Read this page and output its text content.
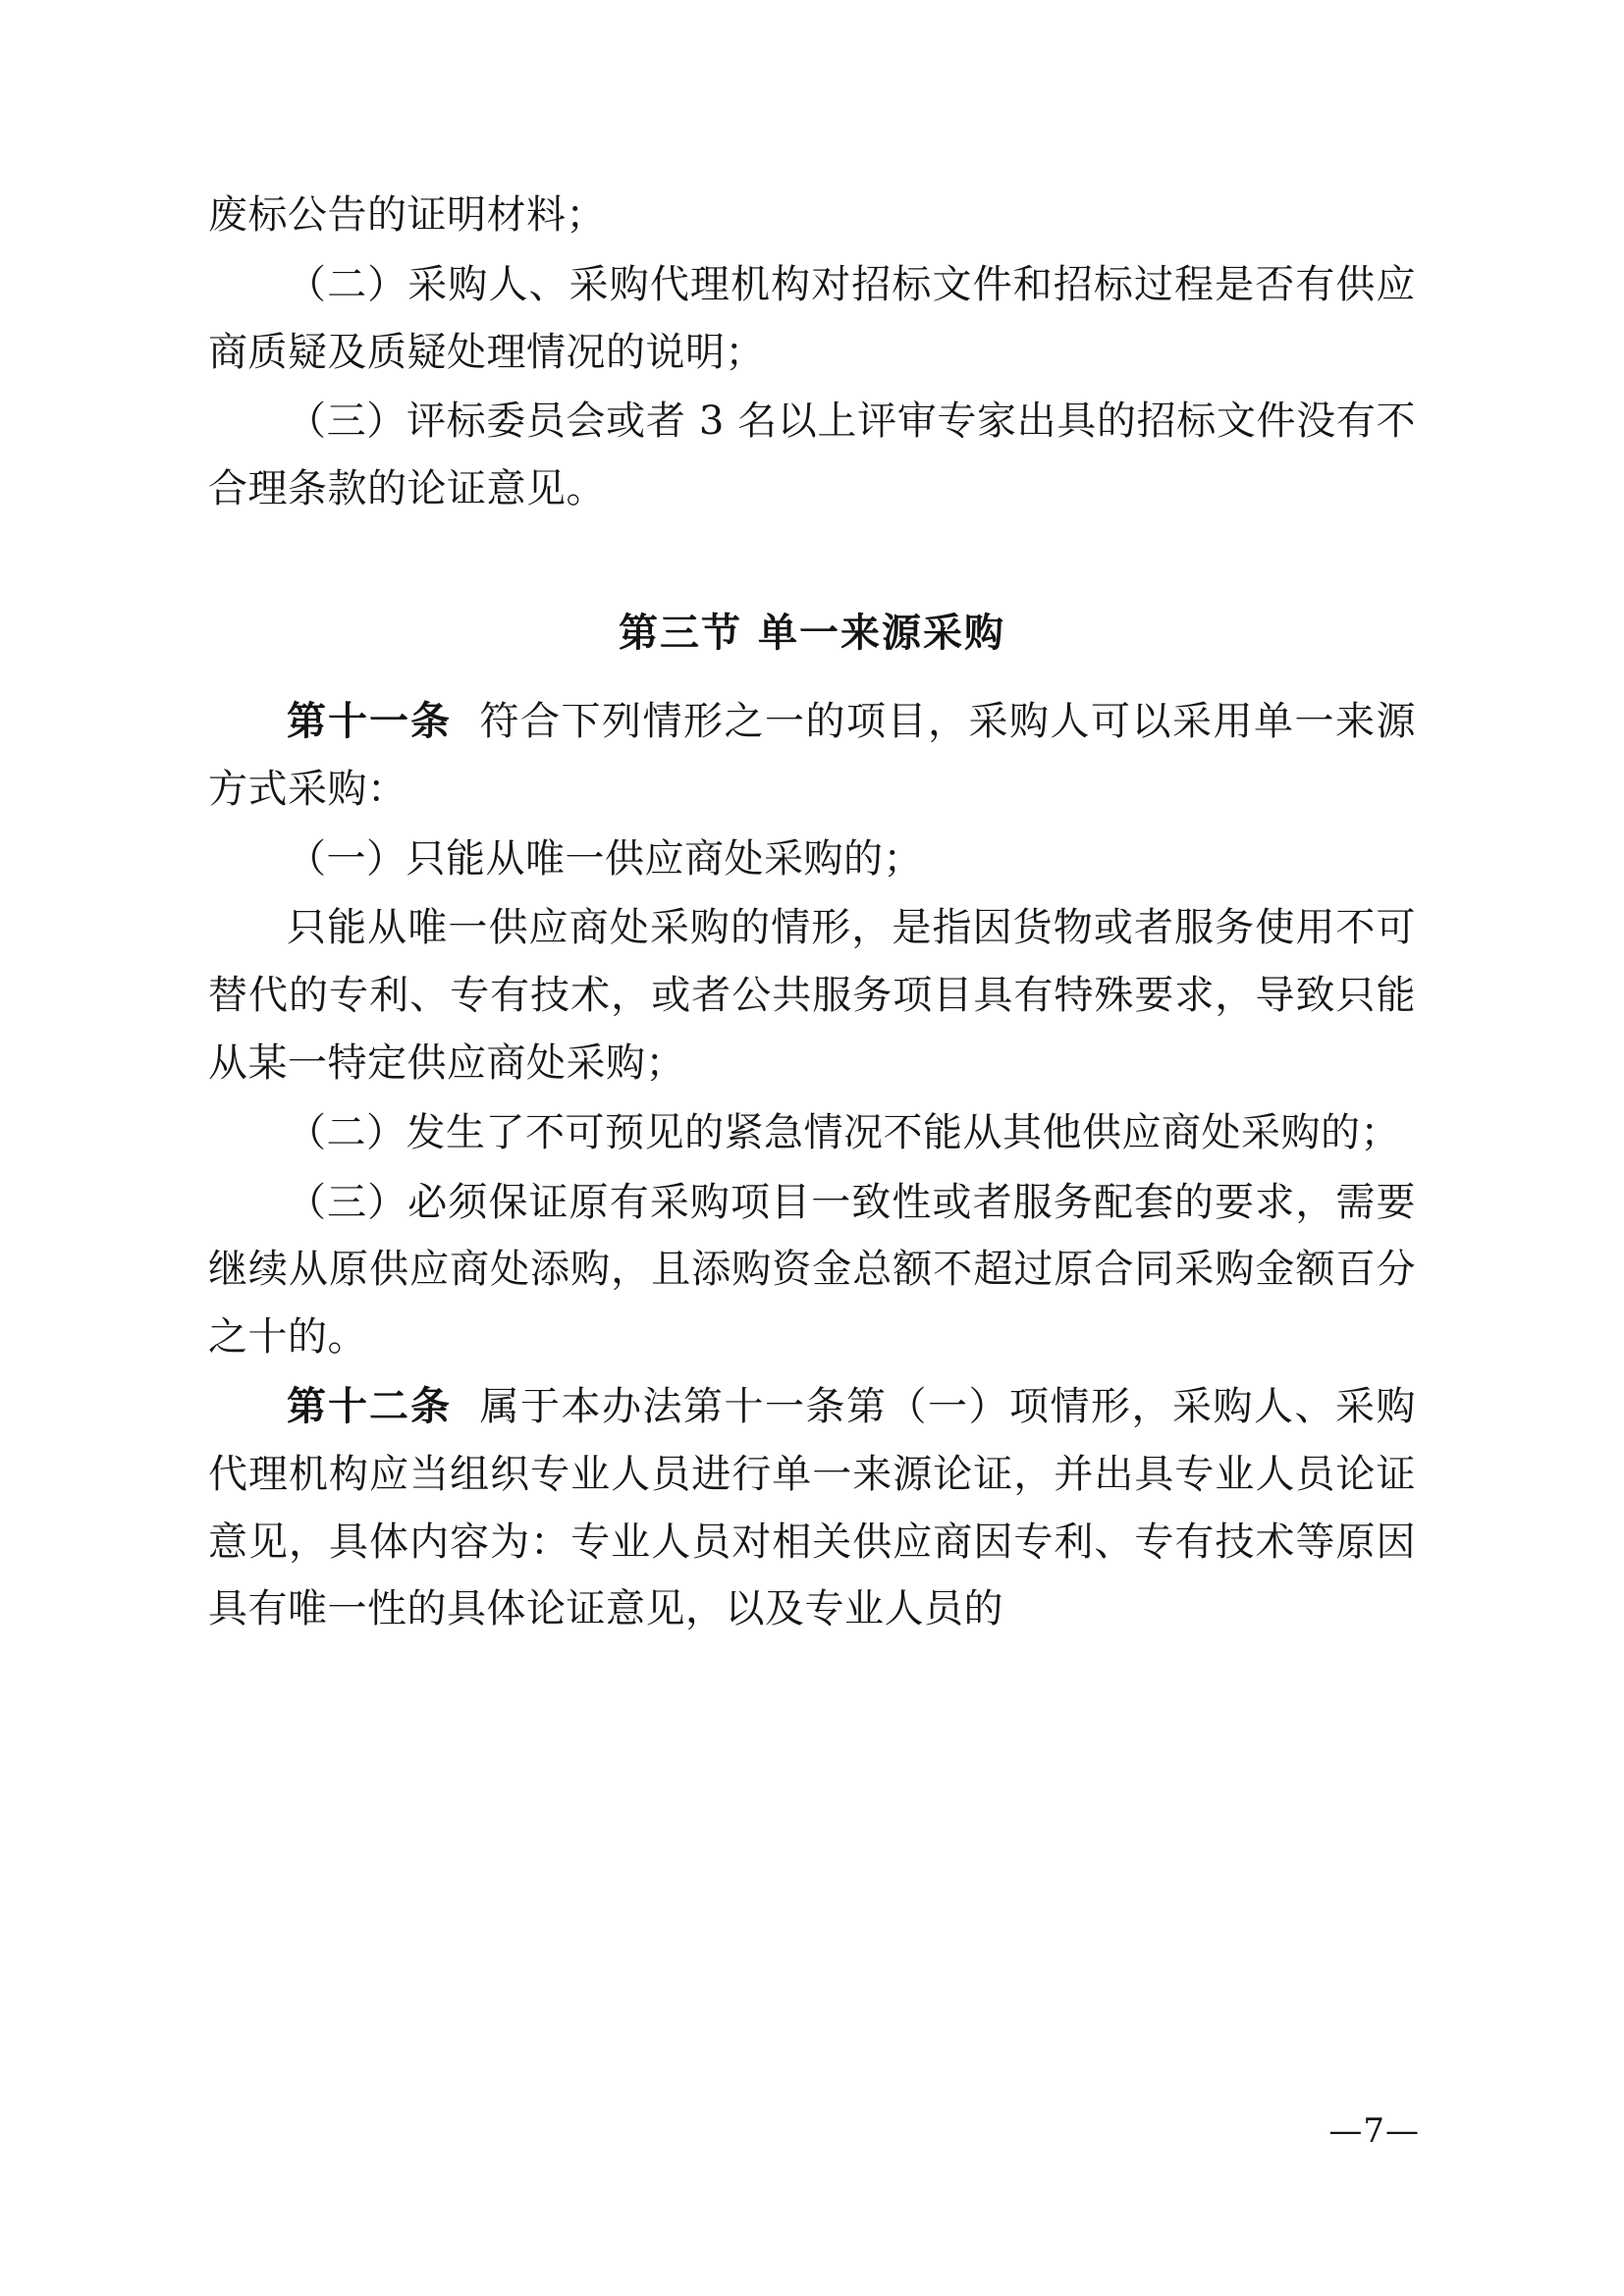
废标公告的证明材料；

（二）采购人、采购代理机构对招标文件和招标过程是否有供应商质疑及质疑处理情况的说明；

（三）评标委员会或者 3 名以上评审专家出具的招标文件没有不合理条款的论证意见。

第三节 单一来源采购

第十一条  符合下列情形之一的项目，采购人可以采用单一来源方式采购：

（一）只能从唯一供应商处采购的；

只能从唯一供应商处采购的情形，是指因货物或者服务使用不可替代的专利、专有技术，或者公共服务项目具有特殊要求，导致只能从某一特定供应商处采购；

（二）发生了不可预见的紧急情况不能从其他供应商处采购的；

（三）必须保证原有采购项目一致性或者服务配套的要求，需要继续从原供应商处添购，且添购资金总额不超过原合同采购金额百分之十的。

第十二条  属于本办法第十一条第（一）项情形，采购人、采购代理机构应当组织专业人员进行单一来源论证，并出具专业人员论证意见，具体内容为：专业人员对相关供应商因专利、专有技术等原因具有唯一性的具体论证意见，以及专业人员的

—7—
